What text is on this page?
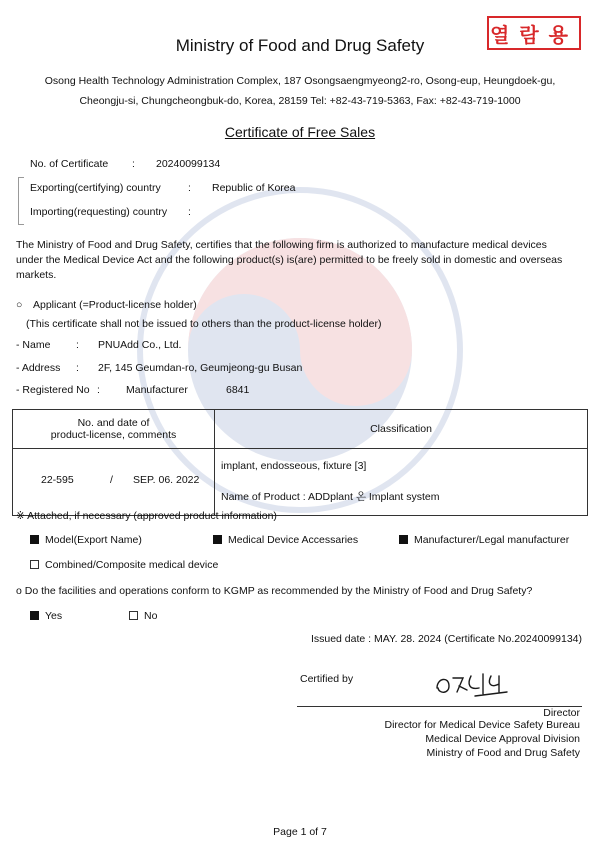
열람용
Ministry of Food and Drug Safety
Osong Health Technology Administration Complex, 187 Osongsaengmyeong2-ro, Osong-eup, Heungdoek-gu,
Cheongju-si, Chungcheongbuk-do, Korea, 28159 Tel: +82-43-719-5363, Fax: +82-43-719-1000
Certificate of Free Sales
No. of Certificate : 20240099134
Exporting(certifying) country	: Republic of Korea
Importing(requesting) country :
The Ministry of Food and Drug Safety, certifies that the following firm is authorized to manufacture medical devices under the Medical Device Act and the following product(s) is(are) permitted to be freely sold in domestic and overseas markets.
○ Applicant (=Product-license holder)
(This certificate shall not be issued to others than the product-license holder)
- Name : PNUAdd Co., Ltd.
- Address : 2F, 145 Geumdan-ro, Geumjeong-gu Busan
- Registered No : Manufacturer	6841
No. and date of
product-license, comments	Classification

22-595 / SEP. 06. 2022	implant, endosseous, fixture [3]
Name of Product : ADDplant 온 Implant system
※ Attached, if necessary (approved product information)
Model(Export Name)	Medical Device Accessaries	Manufacturer/Legal manufacturer
Combined/Composite medical device
o Do the facilities and operations conform to KGMP as recommended by the Ministry of Food and Drug Safety?
Yes	No
Issued date : MAY. 28. 2024 (Certificate No.20240099134)
Certified by
Director
Director for Medical Device Safety Bureau
Medical Device Approval Division
Ministry of Food and Drug Safety
Page 1 of 7
